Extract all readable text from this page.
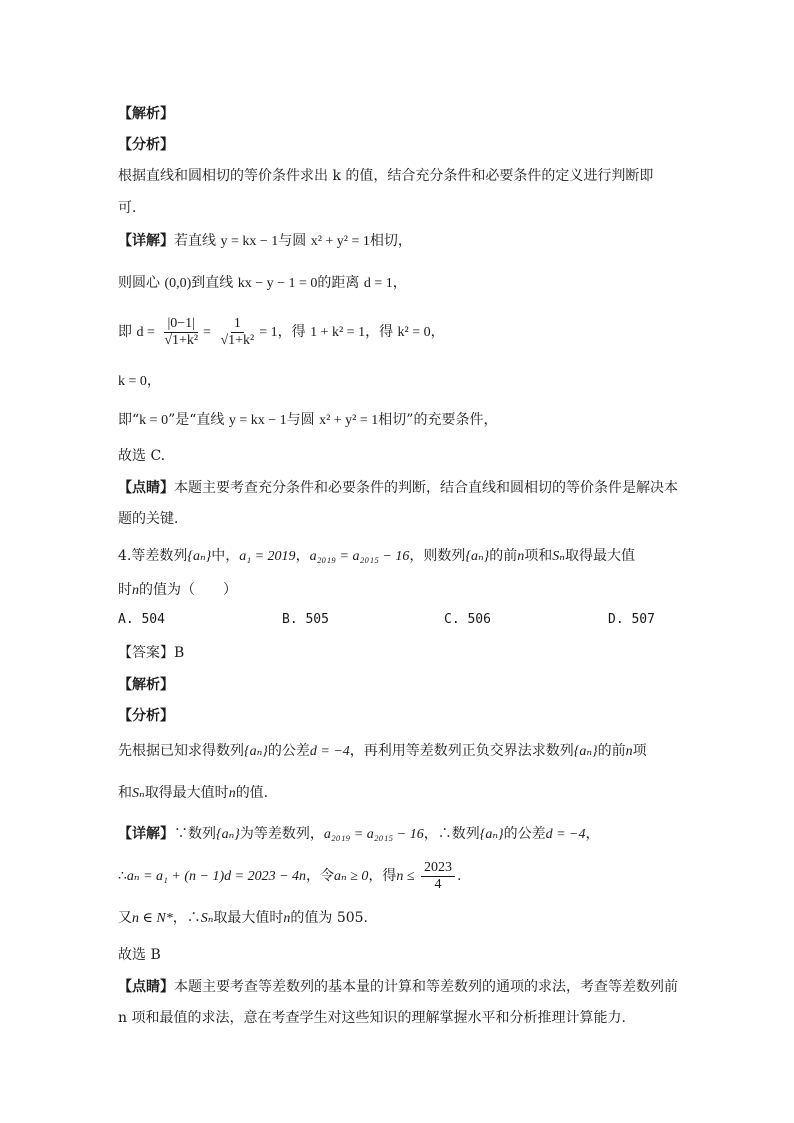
【解析】
【分析】
根据直线和圆相切的等价条件求出 k 的值，结合充分条件和必要条件的定义进行判断即
可．
【详解】若直线 y = kx − 1与圆 x² + y² = 1相切，
则圆心 (0,0)到直线 kx − y − 1 = 0的距离 d = 1，
即 $d = \frac{|0-1|}{\text{√1+k²}} = \frac{1}{\text{√1+k²}} = 1$，得 1 + k² = 1，得 k² = 0，
k = 0，
即“k = 0”是“直线 y = kx − 1与圆 x² + y² = 1相切”的充要条件，
故选 C.
【点睛】本题主要考查充分条件和必要条件的判断，结合直线和圆相切的等价条件是解决本
题的关键．
4.等差数列{aₙ}中，a₁ = 2019，a₂₀₁₉ = a₂₀₁₅ − 16，则数列{aₙ}的前n项和Sₙ取得最大值
时n的值为（　　）
A. 504	B. 505	C. 506	D. 507
【答案】B
【解析】
【分析】
先根据已知求得数列{aₙ}的公差d = −4，再利用等差数列正负交界法求数列{aₙ}的前n项
和Sₙ取得最大值时n的值.
【详解】∵数列{aₙ}为等差数列，a₂₀₁₉ = a₂₀₁₅ − 16，∴数列{aₙ}的公差d = −4，
∴aₙ = a₁ + (n − 1)d = 2023 − 4n，令aₙ ≥ 0，得$n \le \frac{2023}{4}$ .
又n ∈ N*，∴Sₙ取最大值时n的值为 505.
故选 B
【点睛】本题主要考查等差数列的基本量的计算和等差数列的通项的求法，考查等差数列前
n 项和最值的求法，意在考查学生对这些知识的理解掌握水平和分析推理计算能力.
